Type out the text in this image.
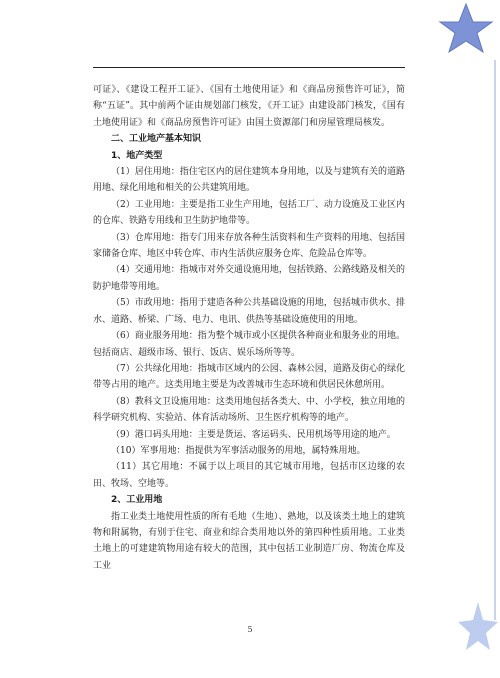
可证》、《建设工程开工证》、《国有土地使用证》和《商品房预售许可证》，简称“五证”。其中前两个证由规划部门核发，《开工证》由建设部门核发，《国有土地使用证》和《商品房预售许可证》由国土资源部门和房屋管理局核发。

二、工业地产基本知识

1、地产类型

（1）居住用地：指住宅区内的居住建筑本身用地，以及与建筑有关的道路用地、绿化用地和相关的公共建筑用地。

（2）工业用地：主要是指工业生产用地，包括工厂、动力设施及工业区内的仓库、铁路专用线和卫生防护地带等。

（3）仓库用地：指专门用来存放各种生活资料和生产资料的用地、包括国家储备仓库、地区中转仓库、市内生活供应服务仓库、危险品仓库等。

（4）交通用地：指城市对外交通设施用地，包括铁路、公路线路及相关的防护地带等用地。

（5）市政用地：指用于建造各种公共基础设施的用地，包括城市供水、排水、道路、桥梁、广场、电力、电讯、供热等基础设施使用的用地。

（6）商业服务用地：指为整个城市或小区提供各种商业和服务业的用地。包括商店、超级市场、银行、饭店、娱乐场所等等。

（7）公共绿化用地：指城市区域内的公园、森林公园，道路及街心的绿化带等占用的地产。这类用地主要是为改善城市生态环境和供居民休憩所用。

（8）教科文卫设施用地：这类用地包括各类大、中、小学校，独立用地的科学研究机构、实验站、体育活动场所、卫生医疗机构等的地产。

（9）港口码头用地：主要是货运、客运码头、民用机场等用途的地产。

（10）军事用地：指提供为军事活动服务的用地，属特殊用地。

（11）其它用地：不属于以上项目的其它城市用地，包括市区边缘的农田、牧场、空地等。

2、工业用地

指工业类土地使用性质的所有毛地（生地）、熟地，以及该类土地上的建筑物和附属物，有别于住宅、商业和综合类用地以外的第四种性质用地。工业类土地上的可建建筑物用途有较大的范围，其中包括工业制造厂房、物流仓库及工业

5
